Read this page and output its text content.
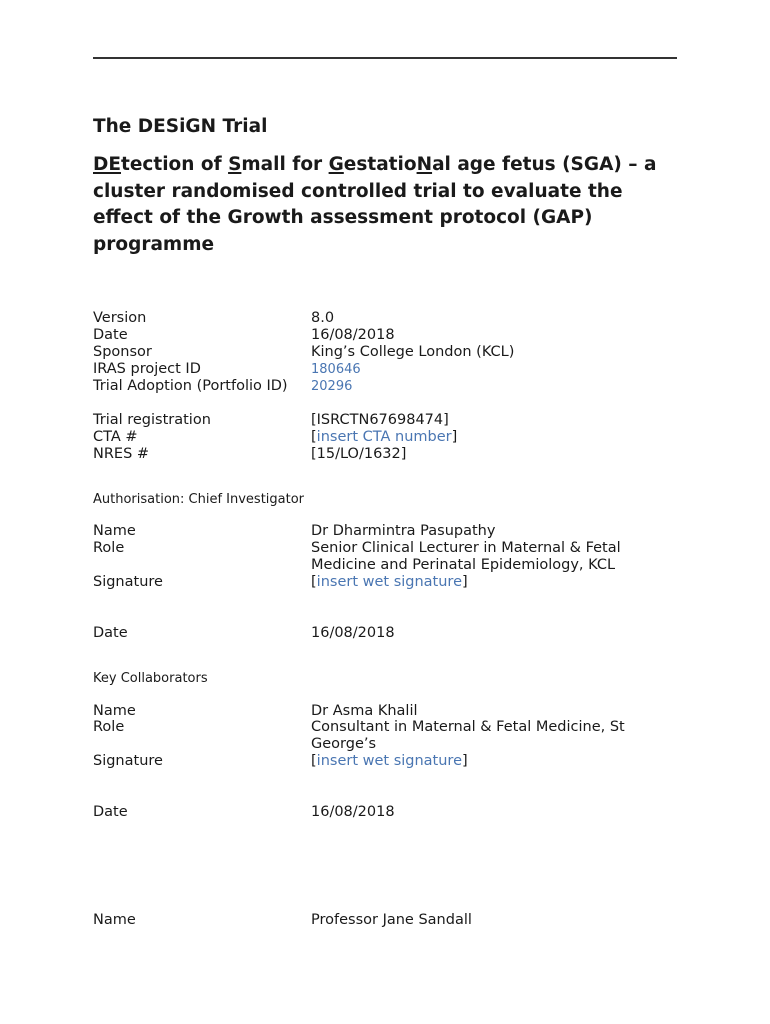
The DESiGN Trial
DEtection of Small for GestatioNal age fetus (SGA) – a cluster randomised controlled trial to evaluate the effect of the Growth assessment protocol (GAP) programme
Version	8.0
Date	16/08/2018
Sponsor	King’s College London (KCL)
IRAS project ID	180646
Trial Adoption (Portfolio ID)	20296
Trial registration	[ISRCTN67698474]
CTA #	[insert CTA number]
NRES #	[15/LO/1632]
Authorisation: Chief Investigator
Name	Dr Dharmintra Pasupathy
Role	Senior Clinical Lecturer in Maternal & Fetal Medicine and Perinatal Epidemiology, KCL
Signature	[insert wet signature]
Date	16/08/2018
Key Collaborators
Name	Dr Asma Khalil
Role	Consultant in Maternal & Fetal Medicine, St George’s
Signature	[insert wet signature]
Date	16/08/2018
Name	Professor Jane Sandall
